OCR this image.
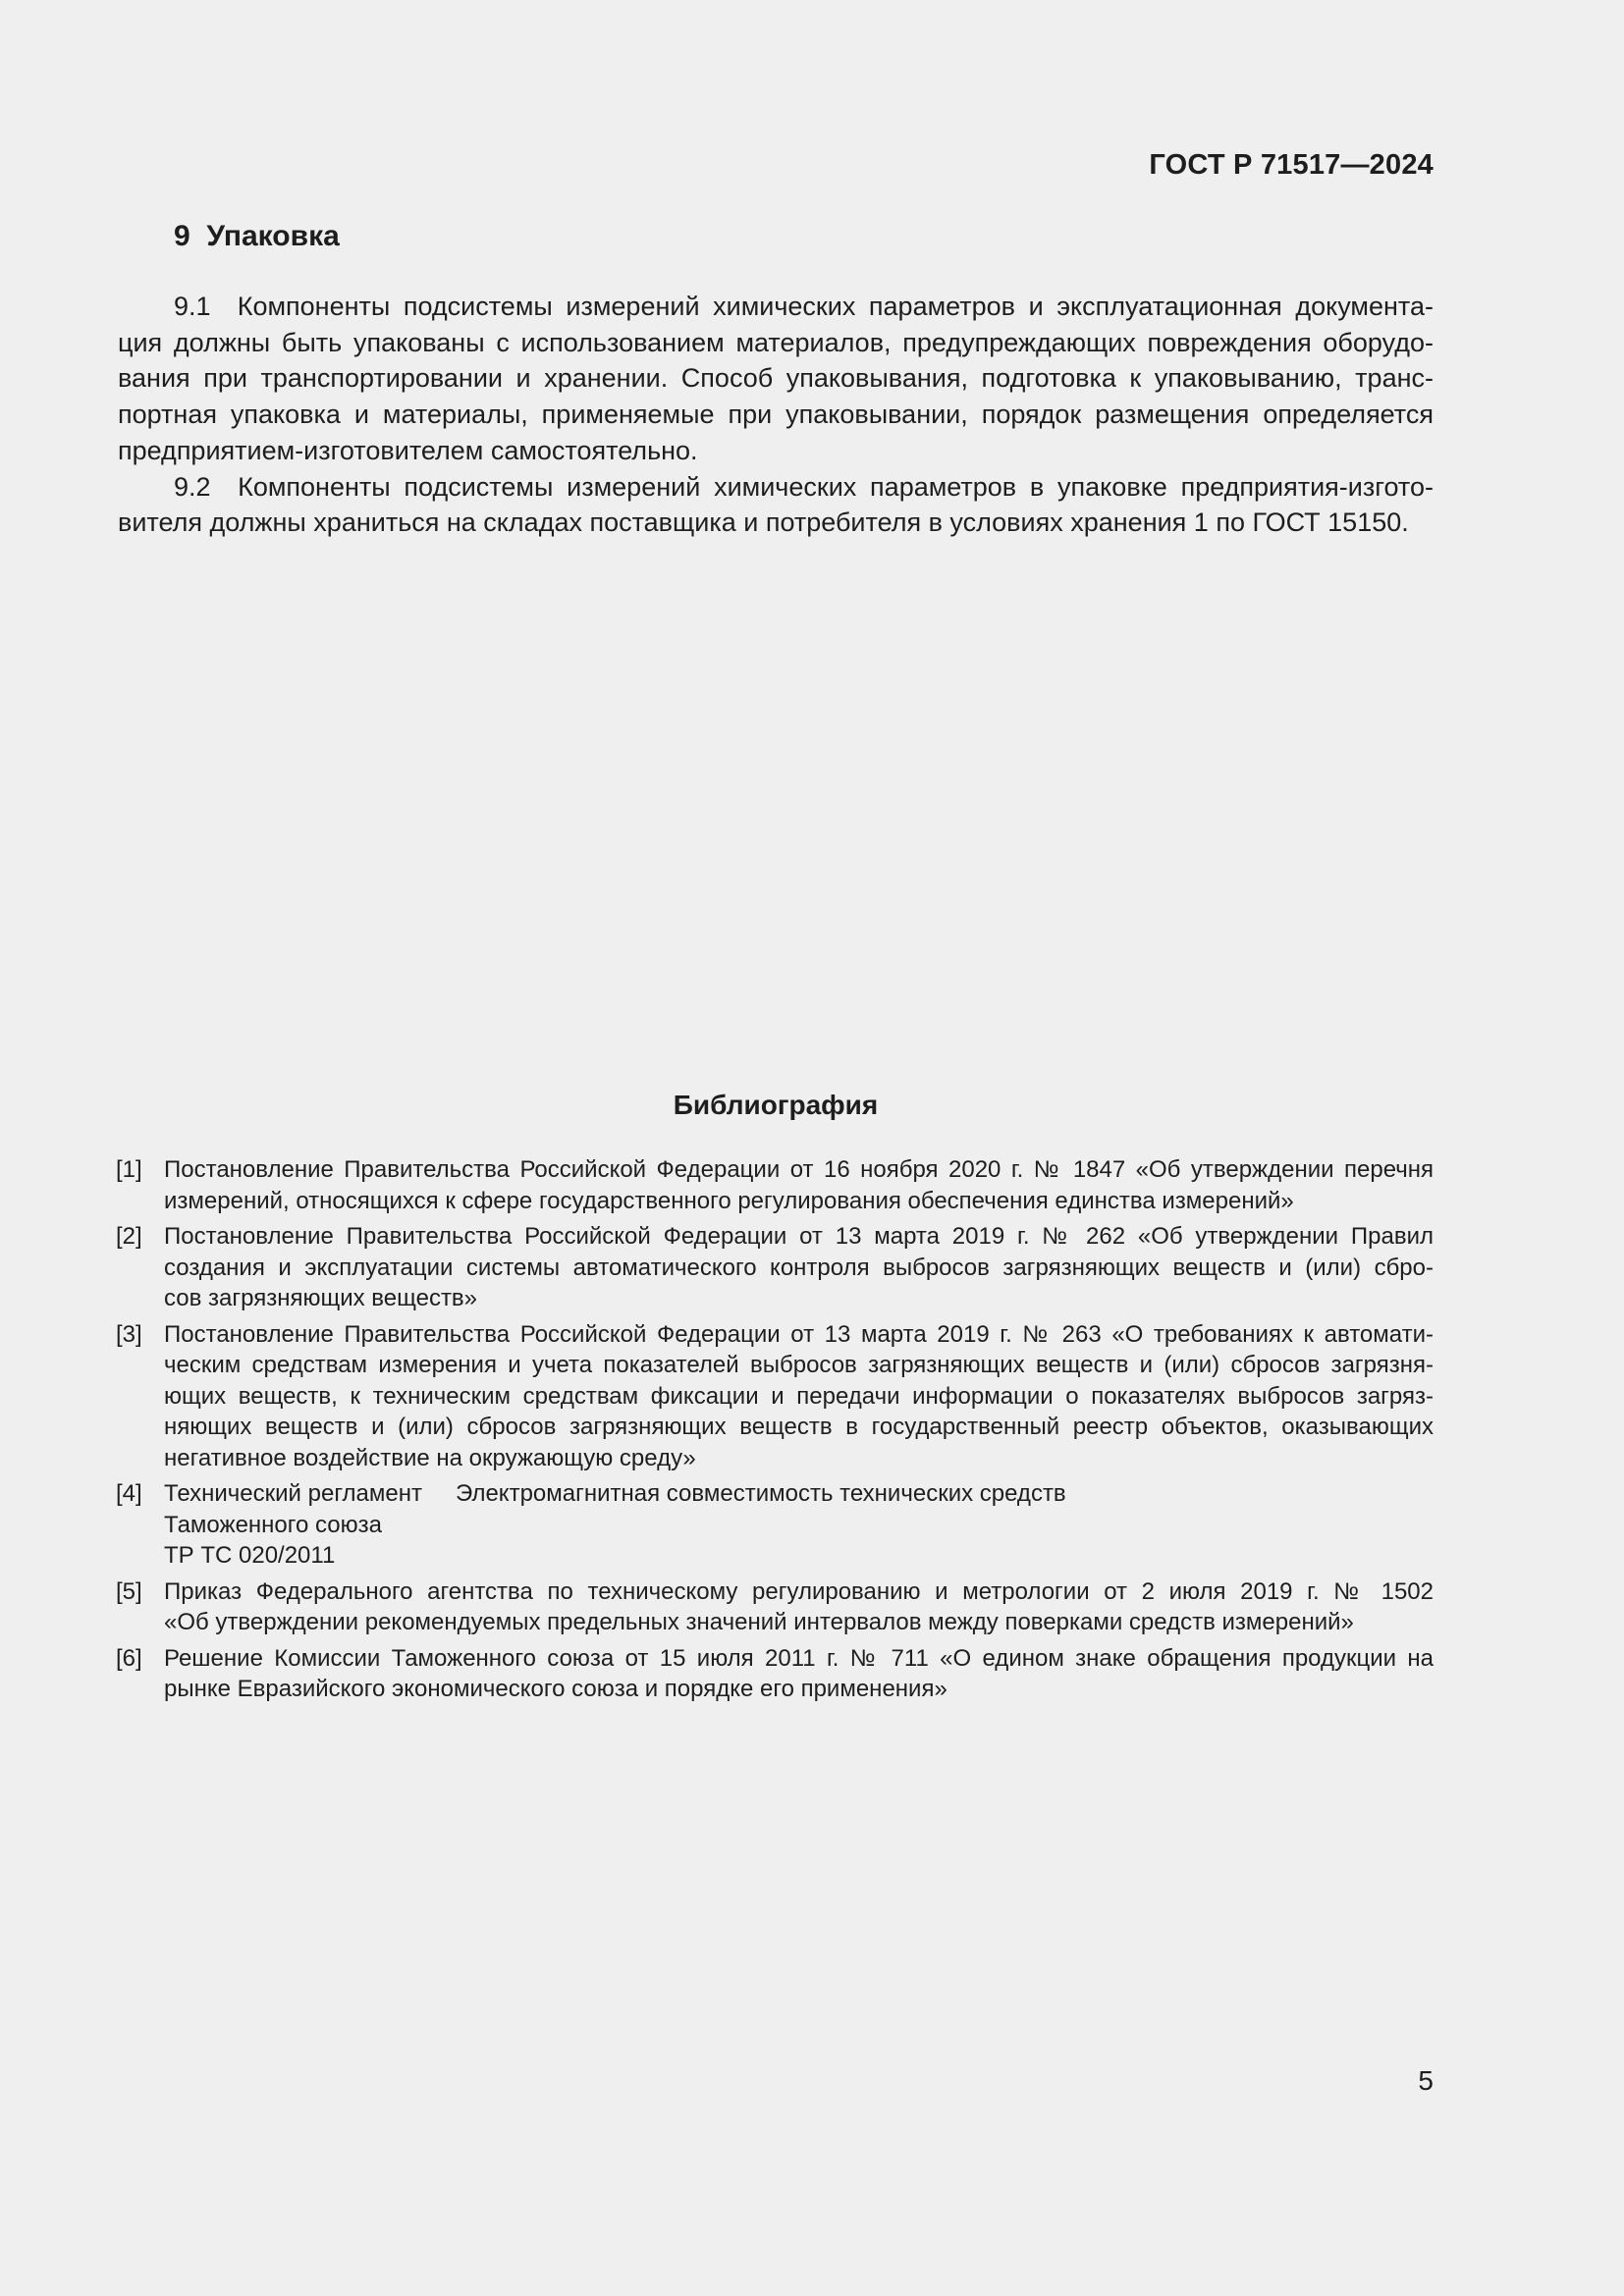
ГОСТ Р 71517—2024
9  Упаковка

9.1  Компоненты подсистемы измерений химических параметров и эксплуатационная документа-

ция должны быть упакованы с использованием материалов, предупреждающих повреждения оборудо-

вания при транспортировании и хранении. Способ упаковывания, подготовка к упаковыванию, транс-

портная упаковка и материалы, применяемые при упаковывании, порядок размещения определяется

предприятием-изготовителем самостоятельно.

9.2  Компоненты подсистемы измерений химических параметров в упаковке предприятия-изгото-

вителя должны храниться на складах поставщика и потребителя в условиях хранения 1 по ГОСТ 15150.

Библиография
[1] Постановление Правительства Российской Федерации от 16 ноября 2020 г. № 1847 «Об утверждении перечня
измерений, относящихся к сфере государственного регулирования обеспечения единства измерений»
[2] Постановление Правительства Российской Федерации от 13 марта 2019 г. № 262 «Об утверждении Правил
создания и эксплуатации системы автоматического контроля выбросов загрязняющих веществ и (или) сбро-
сов загрязняющих веществ»
[3] Постановление Правительства Российской Федерации от 13 марта 2019 г. № 263 «О требованиях к автомати-
ческим средствам измерения и учета показателей выбросов загрязняющих веществ и (или) сбросов загрязня-
ющих веществ, к техническим средствам фиксации и передачи информации о показателях выбросов загряз-
няющих веществ и (или) сбросов загрязняющих веществ в государственный реестр объектов, оказывающих
негативное воздействие на окружающую среду»
[4] Технический регламент Электромагнитная совместимость технических средств
Таможенного союза
ТР ТС 020/2011
[5] Приказ Федерального агентства по техническому регулированию и метрологии от 2 июля 2019 г. № 1502
«Об утверждении рекомендуемых предельных значений интервалов между поверками средств измерений»
[6] Решение Комиссии Таможенного союза от 15 июля 2011 г. № 711 «О едином знаке обращения продукции на
рынке Евразийского экономического союза и порядке его применения»
5
